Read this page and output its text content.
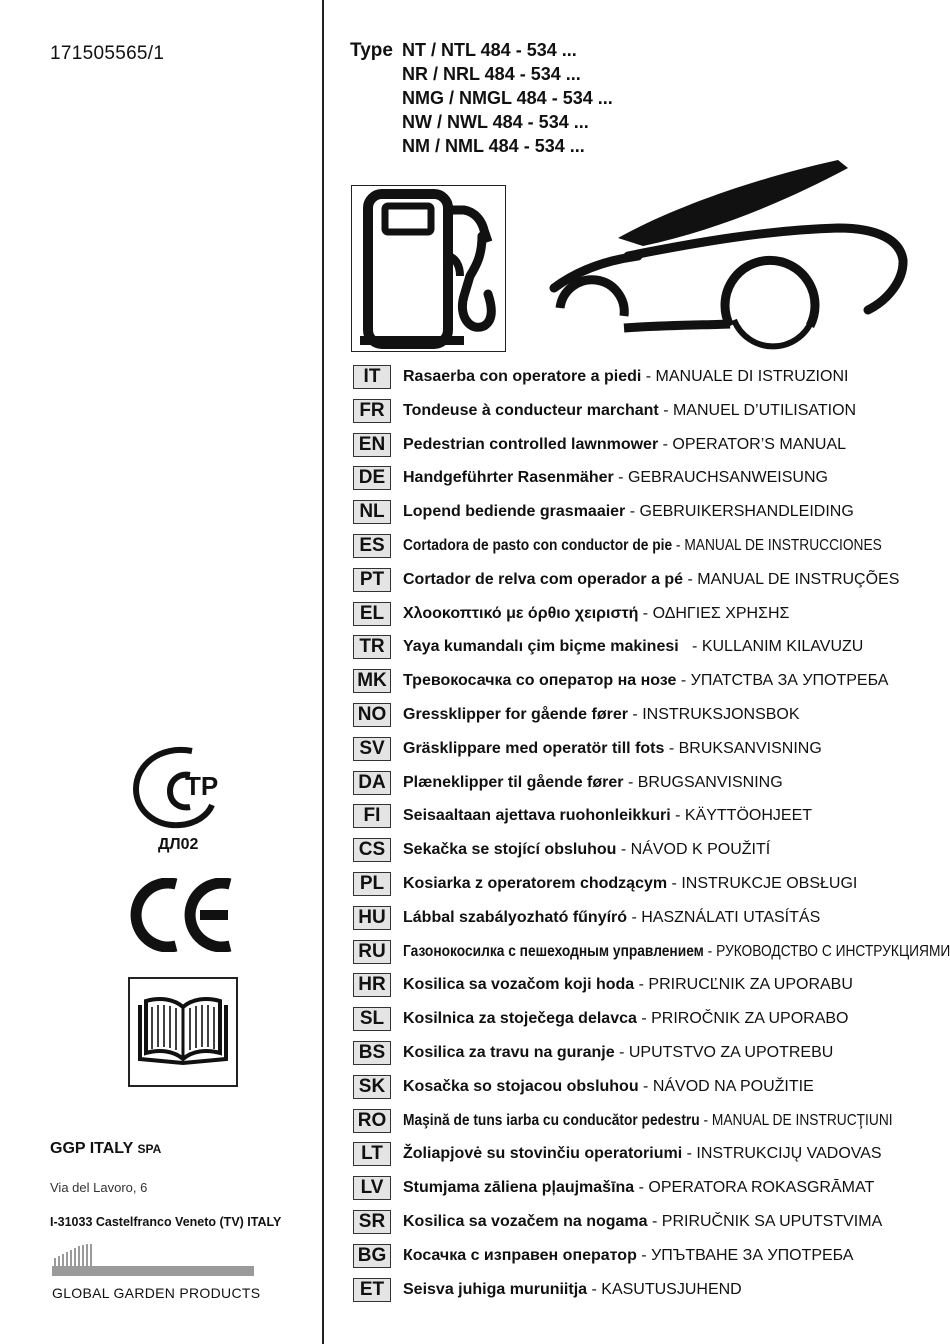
171505565/1	Type NT / NTL 484 - 534 ...
NR / NRL 484 - 534 ...
NMG / NMGL 484 - 534 ...
NW / NWL 484 - 534 ...
NM / NML 484 - 534 ...
IT	Rasaerba con operatore a piedi - MANUALE DI ISTRUZIONI
FR	Tondeuse à conducteur marchant - MANUEL D’UTILISATION
EN	Pedestrian controlled lawnmower - OPERATOR’S MANUAL
DE	Handgeführter Rasenmäher - GEBRAUCHSANWEISUNG
NL	Lopend bediende grasmaaier - GEBRUIKERSHANDLEIDING
ES	Cortadora de pasto con conductor de pie - MANUAL DE INSTRUCCIONES
PT	Cortador de relva com operador a pé - MANUAL DE INSTRUÇÕES
EL	Χλοοκοπτικό με όρθιο χειριστή - ΟΔΗΓΙΕΣ ΧΡΗΣΗΣ
TR	Yaya kumandalı çim biçme makinesi   - KULLANIM KILAVUZU
MK Тревокосачка со оператор на нозе - УПАТСТВА ЗА УПОТРЕБА
NO Gressklipper for gående fører - INSTRUKSJONSBOK
SV	Gräsklippare med operatör till fots - BRUKSANVISNING
DA	Plæneklipper til gående fører - BRUGSANVISNING
FI	Seisaaltaan ajettava ruohonleikkuri - KÄYTTÖOHJEET
CS	Sekačka se stojící obsluhou - NÁVOD K POUŽITÍ
PL	Kosiarka z operatorem chodzącym - INSTRUKCJE OBSŁUGI
HU	Lábbal szabályozható fűnyíró - HASZNÁLATI UTASÍTÁS
RU	Газонокосилка с пешеходным управлением - РУКОВОДСТВО С ИНСТРУКЦИЯМИ
HR	Kosilica sa vozačom koji hoda - PRIRUCĽNIK ZA UPORABU
SL	Kosilnica za stoječega delavca - PRIROČNIK ZA UPORABO
BS	Kosilica za travu na guranje - UPUTSTVO ZA UPOTREBU
SK	Kosačka so stojacou obsluhou - NÁVOD NA POUŽITIE
RO Maşină de tuns iarba cu conducător pedestru - MANUAL DE INSTRUCŢIUNI
LT	Žoliapjovė su stovinčiu operatoriumi - INSTRUKCIJŲ VADOVAS
LV	Stumjama zāliena pļaujmašīna - OPERATORA ROKASGRĀMAT
SR	Kosilica sa vozačem na nogama - PRIRUČNIK SA UPUTSTVIMA
BG Косачка с изправен оператор - УПЪТВАНЕ ЗА УПОТРЕБА
ET	Seisva juhiga muruniitja - KASUTUSJUHEND
ТР
ДЛ02
GGP ITALY SPA
Via del Lavoro, 6
I-31033 Castelfranco Veneto (TV) ITALY
GLOBAL GARDEN PRODUCTS
